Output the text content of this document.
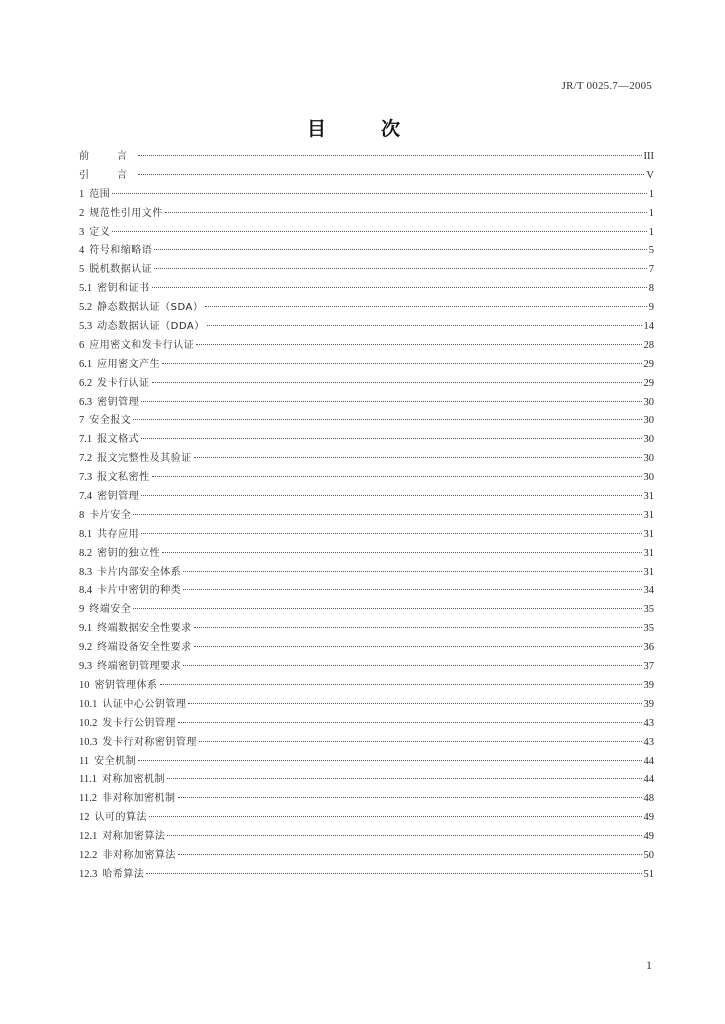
JR/T 0025.7—2005
目　次
前　言	III
引　言	V
1 范围	1
2 规范性引用文件	1
3 定义	1
4 符号和缩略语	5
5 脱机数据认证	7
5.1 密钥和证书	8
5.2 静态数据认证（SDA）	9
5.3 动态数据认证（DDA）	14
6 应用密文和发卡行认证	28
6.1 应用密文产生	29
6.2 发卡行认证	29
6.3 密钥管理	30
7 安全报文	30
7.1 报文格式	30
7.2 报文完整性及其验证	30
7.3 报文私密性	30
7.4 密钥管理	31
8 卡片安全	31
8.1 共存应用	31
8.2 密钥的独立性	31
8.3 卡片内部安全体系	31
8.4 卡片中密钥的种类	34
9 终端安全	35
9.1 终端数据安全性要求	35
9.2 终端设备安全性要求	36
9.3 终端密钥管理要求	37
10 密钥管理体系	39
10.1 认证中心公钥管理	39
10.2 发卡行公钥管理	43
10.3 发卡行对称密钥管理	43
11 安全机制	44
11.1 对称加密机制	44
11.2 非对称加密机制	48
12 认可的算法	49
12.1 对称加密算法	49
12.2 非对称加密算法	50
12.3 哈希算法	51
1
